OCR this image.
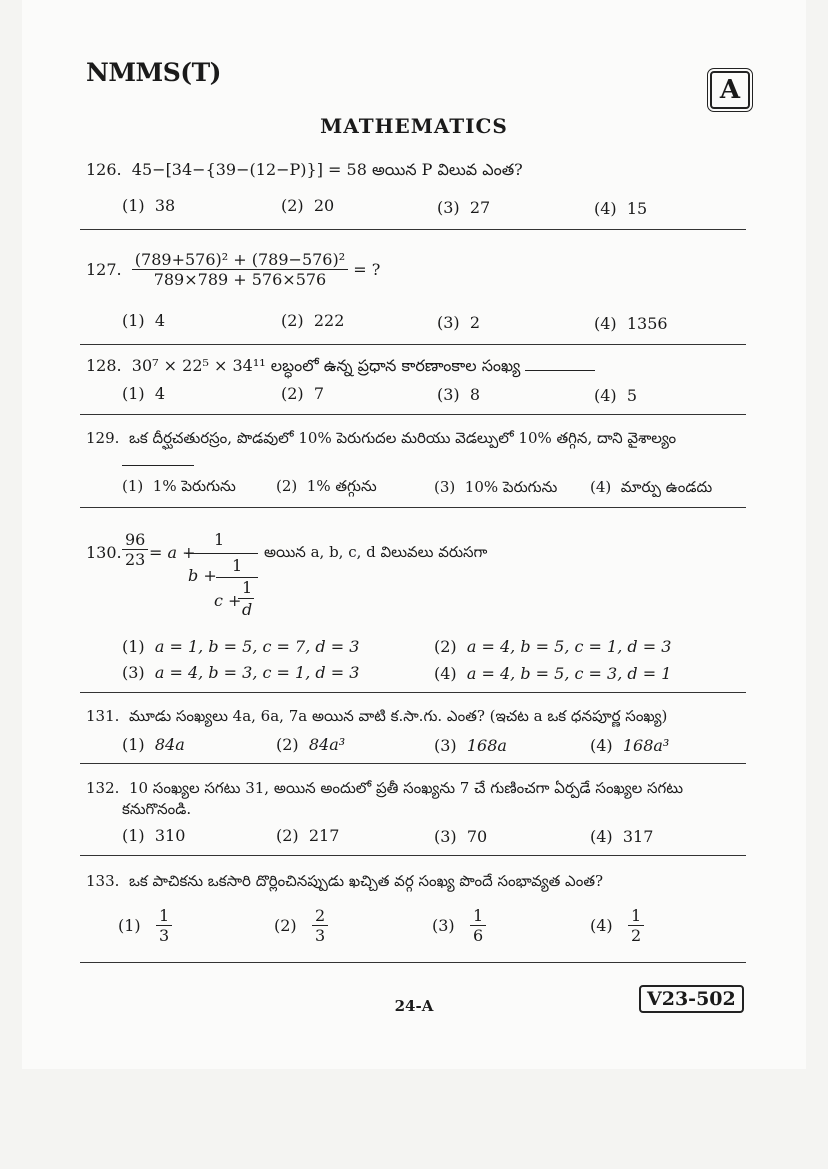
NMMS(T)
A
MATHEMATICS
126. 45−[34−{39−(12−P)}] = 58 అయిన P విలువ ఎంత?
(1) 38	(2) 20	(3) 27	(4) 15
127. $\frac{\text{(789+576)² + (789−576)²}}{789\times 789 + 576\times 576}$ = ?
(1) 4	(2) 222	(3) 2	(4) 1356
128. 30⁷ × 22⁵ × 34¹¹ లబ్ధంలో ఉన్న ప్రధాన కారణాంకాల సంఖ్య
(1) 4	(2) 7	(3) 8	(4) 5
129. ఒక దీర్ఘచతురస్రం, పొడవులో 10% పెరుగుదల మరియు వెడల్పులో 10% తగ్గిన, దాని వైశాల్యం
(1) 1% పెరుగును	(2) 1% తగ్గును	(3) 10% పెరుగును (4) మార్పు ఉండదు
130. $\frac{96}{23} = a$ +
1
b +
1
c +
1
d
అయిన a, b, c, d విలువలు వరుసగా
(1) a = 1, b = 5, c = 7, d = 3	(2) a = 4, b = 5, c = 1, d = 3
(3) a = 4, b = 3, c = 1, d = 3	(4) a = 4, b = 5, c = 3, d = 1
131. మూడు సంఖ్యలు 4a, 6a, 7a అయిన వాటి క.సా.గు. ఎంత? (ఇచట a ఒక ధనపూర్ణ సంఖ్య)
(1) 84a	(2) 84a³	(3) 168a	(4) 168a³
132. 10 సంఖ్యల సగటు 31, అయిన అందులో ప్రతీ సంఖ్యను 7 చే గుణించగా ఏర్పడే సంఖ్యల సగటు
కనుగొనండి.
(1) 310	(2) 217	(3) 70	(4) 317
133. ఒక పాచికను ఒకసారి దొర్లించినప్పుడు ఖచ్చిత వర్గ సంఖ్య పొందే సంభావ్యత ఎంత?
$(1) \frac{1}{3}$	$(2) \frac{2}{3}$	$(3) \frac{1}{6}$	$(4) \frac{1}{2}$
24-A	V23-502
